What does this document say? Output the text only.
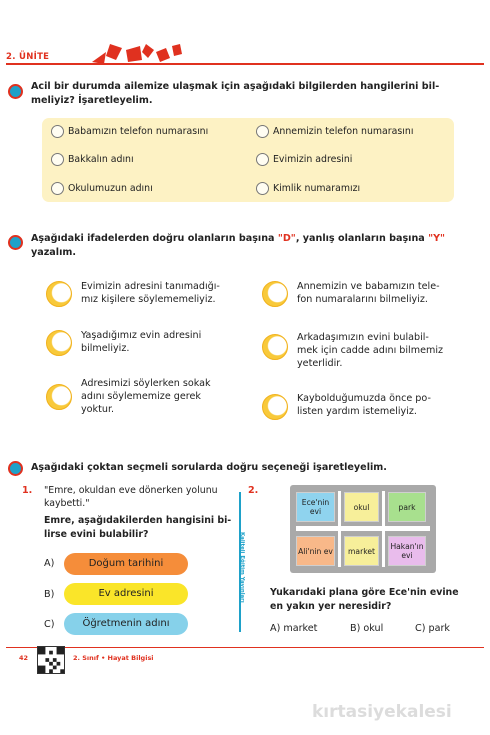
2. ÜNİTE
Acil bir durumda ailemize ulaşmak için aşağıdaki bilgilerden hangilerini bil-
meliyiz? İşaretleyelim.
Babamızın telefon numarasını	Annemizin telefon numarasını
Bakkalın adını	Evimizin adresini
Okulumuzun adını	Kimlik numaramızı
Aşağıdaki ifadelerden doğru olanların başına "D", yanlış olanların başına "Y"
yazalım.
Evimizin adresini tanımadığı-
mız kişilere söylememeliyiz.
Annemizin ve babamızın tele-
fon numaralarını bilmeliyiz.
Yaşadığımız evin adresini
bilmeliyiz.
Arkadaşımızın evini bulabil-
mek için cadde adını bilmemiz
yeterlidir.
Adresimizi söylerken sokak
adını söylememize gerek
yoktur.
Kaybolduğumuzda önce po-
listen yardım istemeliyiz.
Aşağıdaki çoktan seçmeli sorularda doğru seçeneği işaretleyelim.
1. "Emre, okuldan eve dönerken yolunu
kaybetti."
Emre, aşağıdakilerden hangisini bi-
lirse evini bulabilir?
A)	Doğum tarihini
B)	Ev adresini
C)	Öğretmenin adını
Kaliteli Eğitim Yayınları
2.
Ece'nin evi	okul	park
Ali'nin ev	market	Hakan'ın evi
Yukarıdaki plana göre Ece'nin evine
en yakın yer neresidir?
A) market	B) okul	C) park
42	2. Sınıf • Hayat Bilgisi
kırtasiyekalesi
